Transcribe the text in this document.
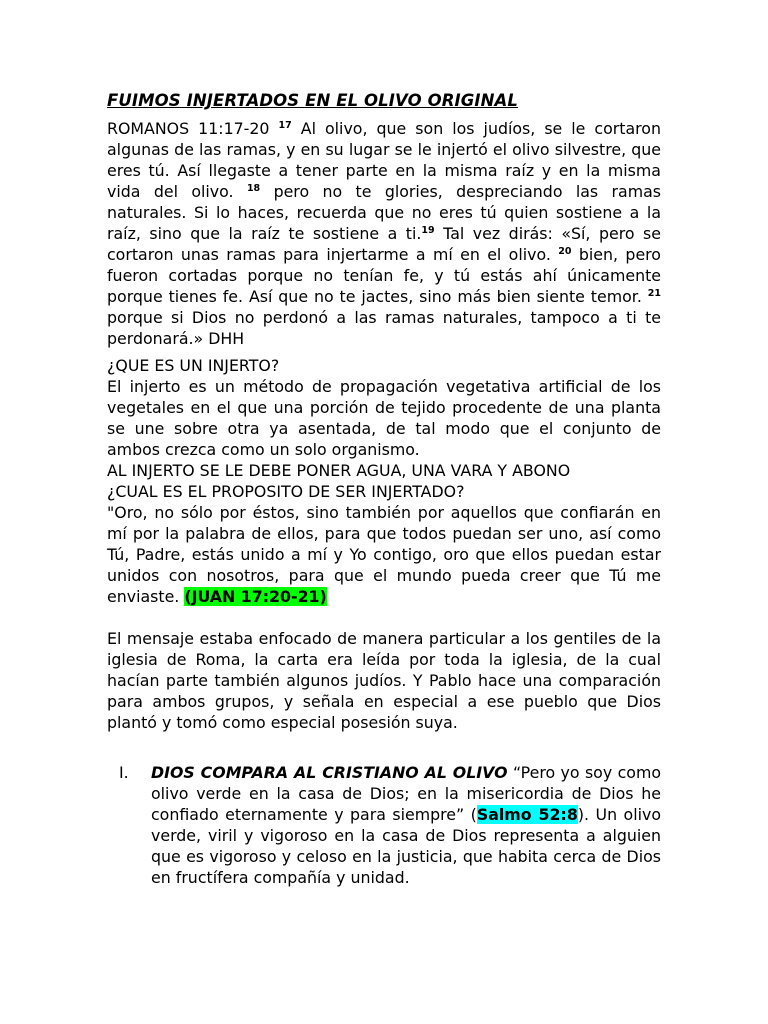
FUIMOS INJERTADOS EN EL OLIVO ORIGINAL

ROMANOS 11:17-20 $^{17}$ Al olivo, que son los judíos, se le cortaron algunas de las ramas, y en su lugar se le injertó el olivo silvestre, que eres tú. Así llegaste a tener parte en la misma raíz y en la misma vida del olivo. $^{18}$ pero no te glories, despreciando las ramas naturales. Si lo haces, recuerda que no eres tú quien sostiene a la raíz, sino que la raíz te sostiene a ti.$^{19}$ Tal vez dirás: «Sí, pero se cortaron unas ramas para injertarme a mí en el olivo. $^{20}$ bien, pero fueron cortadas porque no tenían fe, y tú estás ahí únicamente porque tienes fe. Así que no te jactes, sino más bien siente temor. $^{21}$ porque si Dios no perdonó a las ramas naturales, tampoco a ti te perdonará.» DHH

¿QUE ES UN INJERTO?

El injerto es un método de propagación vegetativa artificial de los vegetales en el que una porción de tejido procedente de una planta se une sobre otra ya asentada, de tal modo que el conjunto de ambos crezca como un solo organismo.

AL INJERTO SE LE DEBE PONER AGUA, UNA VARA Y ABONO

¿CUAL ES EL PROPOSITO DE SER INJERTADO?

"Oro, no sólo por éstos, sino también por aquellos que confiarán en mí por la palabra de ellos, para que todos puedan ser uno, así como Tú, Padre, estás unido a mí y Yo contigo, oro que ellos puedan estar unidos con nosotros, para que el mundo pueda creer que Tú me enviaste. (JUAN 17:20-21)

El mensaje estaba enfocado de manera particular a los gentiles de la iglesia de Roma, la carta era leída por toda la iglesia, de la cual hacían parte también algunos judíos. Y Pablo hace una comparación para ambos grupos, y señala en especial a ese pueblo que Dios plantó y tomó como especial posesión suya.

I. DIOS COMPARA AL CRISTIANO AL OLIVO “Pero yo soy como olivo verde en la casa de Dios; en la misericordia de Dios he confiado eternamente y para siempre” (Salmo 52:8). Un olivo verde, viril y vigoroso en la casa de Dios representa a alguien que es vigoroso y celoso en la justicia, que habita cerca de Dios en fructífera compañía y unidad.
